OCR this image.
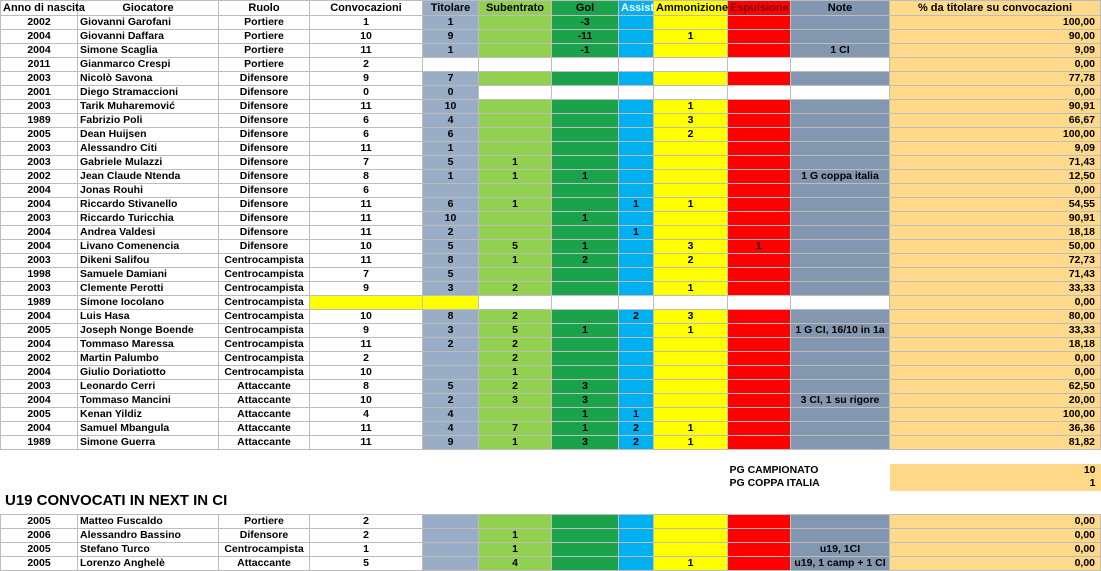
Anno di nascita	Giocatore	Ruolo	Convocazioni	Titolare	Subentrato	Gol	Assist	Ammonizione	Espulsione	Note	% da titolare su convocazioni
2002	Giovanni Garofani	Portiere	1	1		-3					100,00
2004	Giovanni Daffara	Portiere	10	9		-11		1			90,00
2004	Simone Scaglia	Portiere	11	1		-1				1 CI	9,09
2011	Gianmarco Crespi	Portiere	2								0,00
2003	Nicolò Savona	Difensore	9	7							77,78
2001	Diego Stramaccioni	Difensore	0	0							0,00
2003	Tarik Muharemović	Difensore	11	10				1			90,91
1989	Fabrizio Poli	Difensore	6	4				3			66,67
2005	Dean Huijsen	Difensore	6	6				2			100,00
2003	Alessandro Citi	Difensore	11	1							9,09
2003	Gabriele Mulazzi	Difensore	7	5	1						71,43
2002	Jean Claude Ntenda	Difensore	8	1	1	1				1 G coppa italia	12,50
2004	Jonas Rouhi	Difensore	6								0,00
2004	Riccardo Stivanello	Difensore	11	6	1		1	1			54,55
2003	Riccardo Turicchia	Difensore	11	10		1					90,91
2004	Andrea Valdesi	Difensore	11	2			1				18,18
2004	Livano Comenencia	Difensore	10	5	5	1		3	1		50,00
2003	Dikeni Salifou	Centrocampista	11	8	1	2		2			72,73
1998	Samuele Damiani	Centrocampista	7	5							71,43
2003	Clemente Perotti	Centrocampista	9	3	2			1			33,33
1989	Simone Iocolano	Centrocampista									0,00
2004	Luis Hasa	Centrocampista	10	8	2		2	3			80,00
2005	Joseph Nonge Boende	Centrocampista	9	3	5	1		1		1 G CI, 16/10 in 1a	33,33
2004	Tommaso Maressa	Centrocampista	11	2	2						18,18
2002	Martin Palumbo	Centrocampista	2		2						0,00
2004	Giulio Doriatiotto	Centrocampista	10		1						0,00
2003	Leonardo Cerri	Attaccante	8	5	2	3					62,50
2004	Tommaso Mancini	Attaccante	10	2	3	3				3 CI, 1 su rigore	20,00
2005	Kenan Yildiz	Attaccante	4	4		1	1				100,00
2004	Samuel Mbangula	Attaccante	11	4	7	1	2	1			36,36
1989	Simone Guerra	Attaccante	11	9	1	3	2	1			81,82

									PG CAMPIONATO		10
									PG COPPA ITALIA		1
U19 CONVOCATI IN NEXT IN CI											

2005	Matteo Fuscaldo	Portiere	2								0,00
2006	Alessandro Bassino	Difensore	2		1						0,00
2005	Stefano Turco	Centrocampista	1		1					u19, 1CI	0,00
2005	Lorenzo Anghelè	Attaccante	5		4			1		u19, 1 camp + 1 CI	0,00
